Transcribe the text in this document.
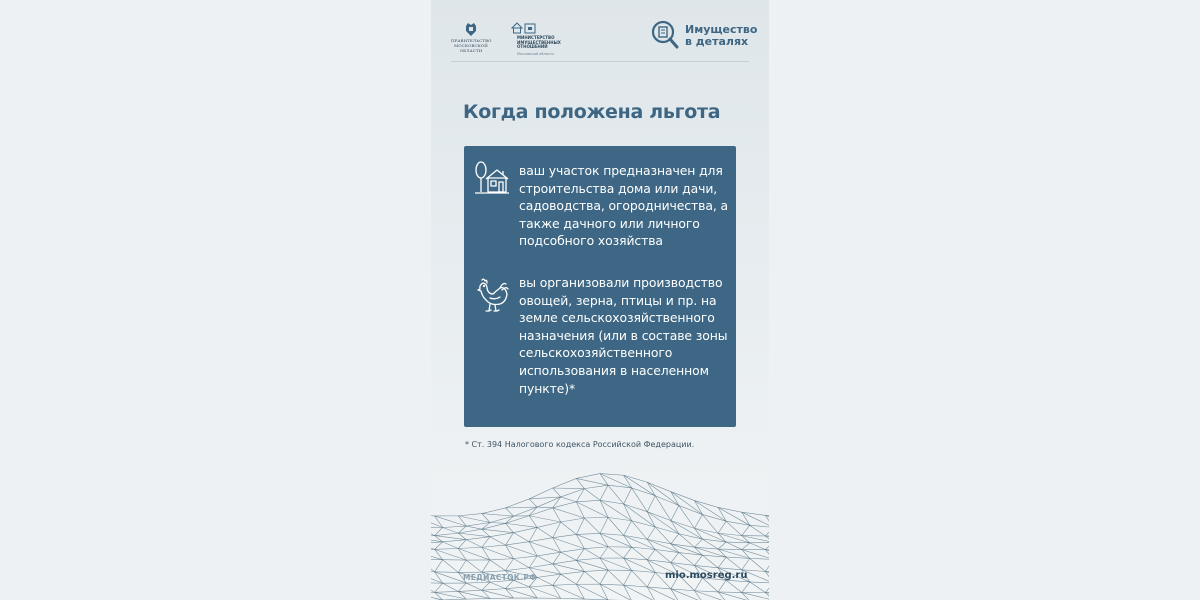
ПРАВИТЕЛЬСТВО
МОСКОВСКОЙ
ОБЛАСТИ
МИНИСТЕРСТВО
ИМУЩЕСТВЕННЫХ
ОТНОШЕНИЙ
Московской области
Имущество
в деталях
Когда положена льгота
ваш участок предназначен для строительства дома или дачи, садоводства, огородничества, а также дачного или личного подсобного хозяйства
вы организовали производство овощей, зерна, птицы и пр. на земле сельскохозяйственного назначения (или в составе зоны сельскохозяйственного использования в населенном пункте)*
* Ст. 394 Налогового кодекса Российской Федерации.
МЕДИАСТОК.РФ	mio.mosreg.ru
